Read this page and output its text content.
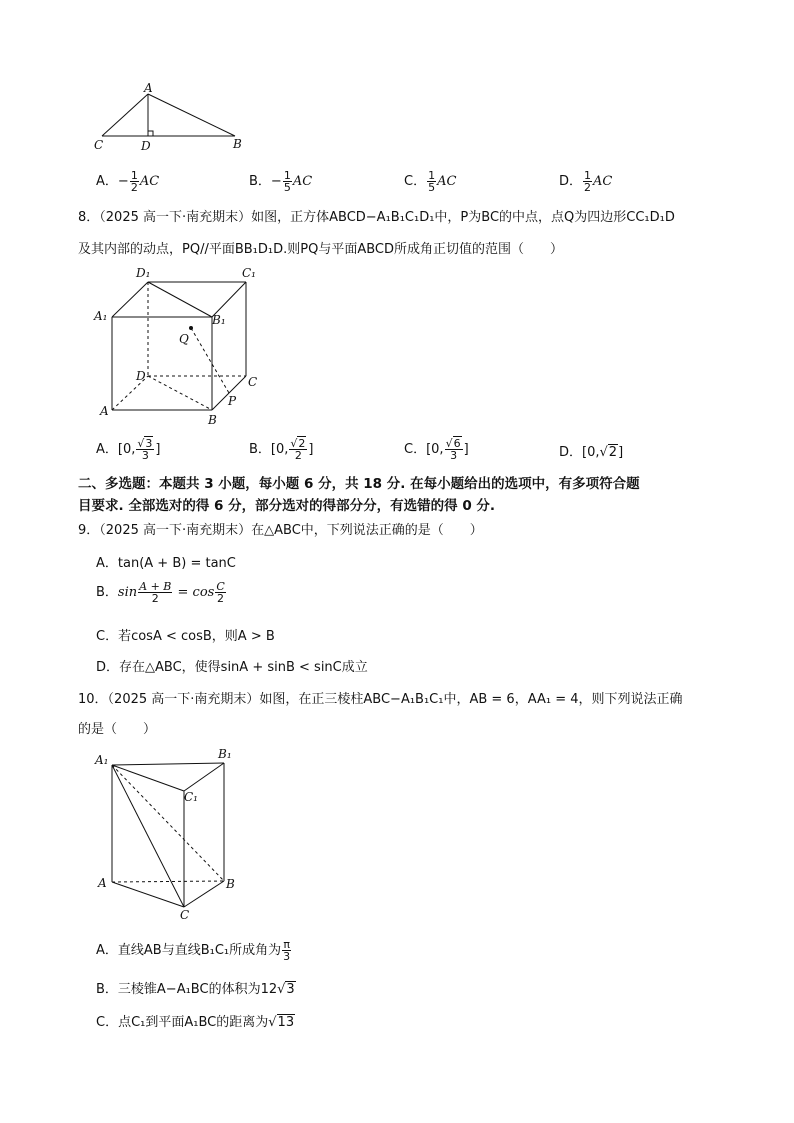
A
C	D	B
A．− $\frac{1}{2}$ AC	B．− $\frac{1}{5}$ AC	C． $\frac{1}{5}$ AC	D． $\frac{1}{2}$ AC
8．（2025 高一下·南充期末）如图，正方体ABCD−A₁B₁C₁D₁中，P为BC的中点，点Q为四边形CC₁D₁D
及其内部的动点，PQ//平面BB₁D₁D.则PQ与平面ABCD所成角正切值的范围（　　）
D₁	C₁
A₁	B₁
Q
D	C
P
A
B
A．[0, $\frac{√3}{3}$ ]	B．[0, $\frac{√2}{2}$ ]	C．[0, $\frac{√6}{3}$ ]	D．[0,√2]
二、多选题：本题共 3 小题，每小题 6 分，共 18 分. 在每小题给出的选项中，有多项符合题
目要求. 全部选对的得 6 分，部分选对的得部分分，有选错的得 0 分.
9．（2025 高一下·南充期末）在△ABC中，下列说法正确的是（　　）
A．tan(A + B) = tanC
B．$\sin \frac{A + B}{2} = \cos \frac{C}{2}$
C．若cosA < cosB，则A > B
D．存在△ABC，使得sinA + sinB < sinC成立
10．（2025 高一下·南充期末）如图，在正三棱柱ABC−A₁B₁C₁中，AB = 6，AA₁ = 4，则下列说法正确
的是（　　）
A₁	B₁
C₁
A	B
C
A．直线AB与直线B₁C₁所成角为 $\frac{\pi}{3}$
B．三棱锥A−A₁BC的体积为12√3
C．点C₁到平面A₁BC的距离为√13
